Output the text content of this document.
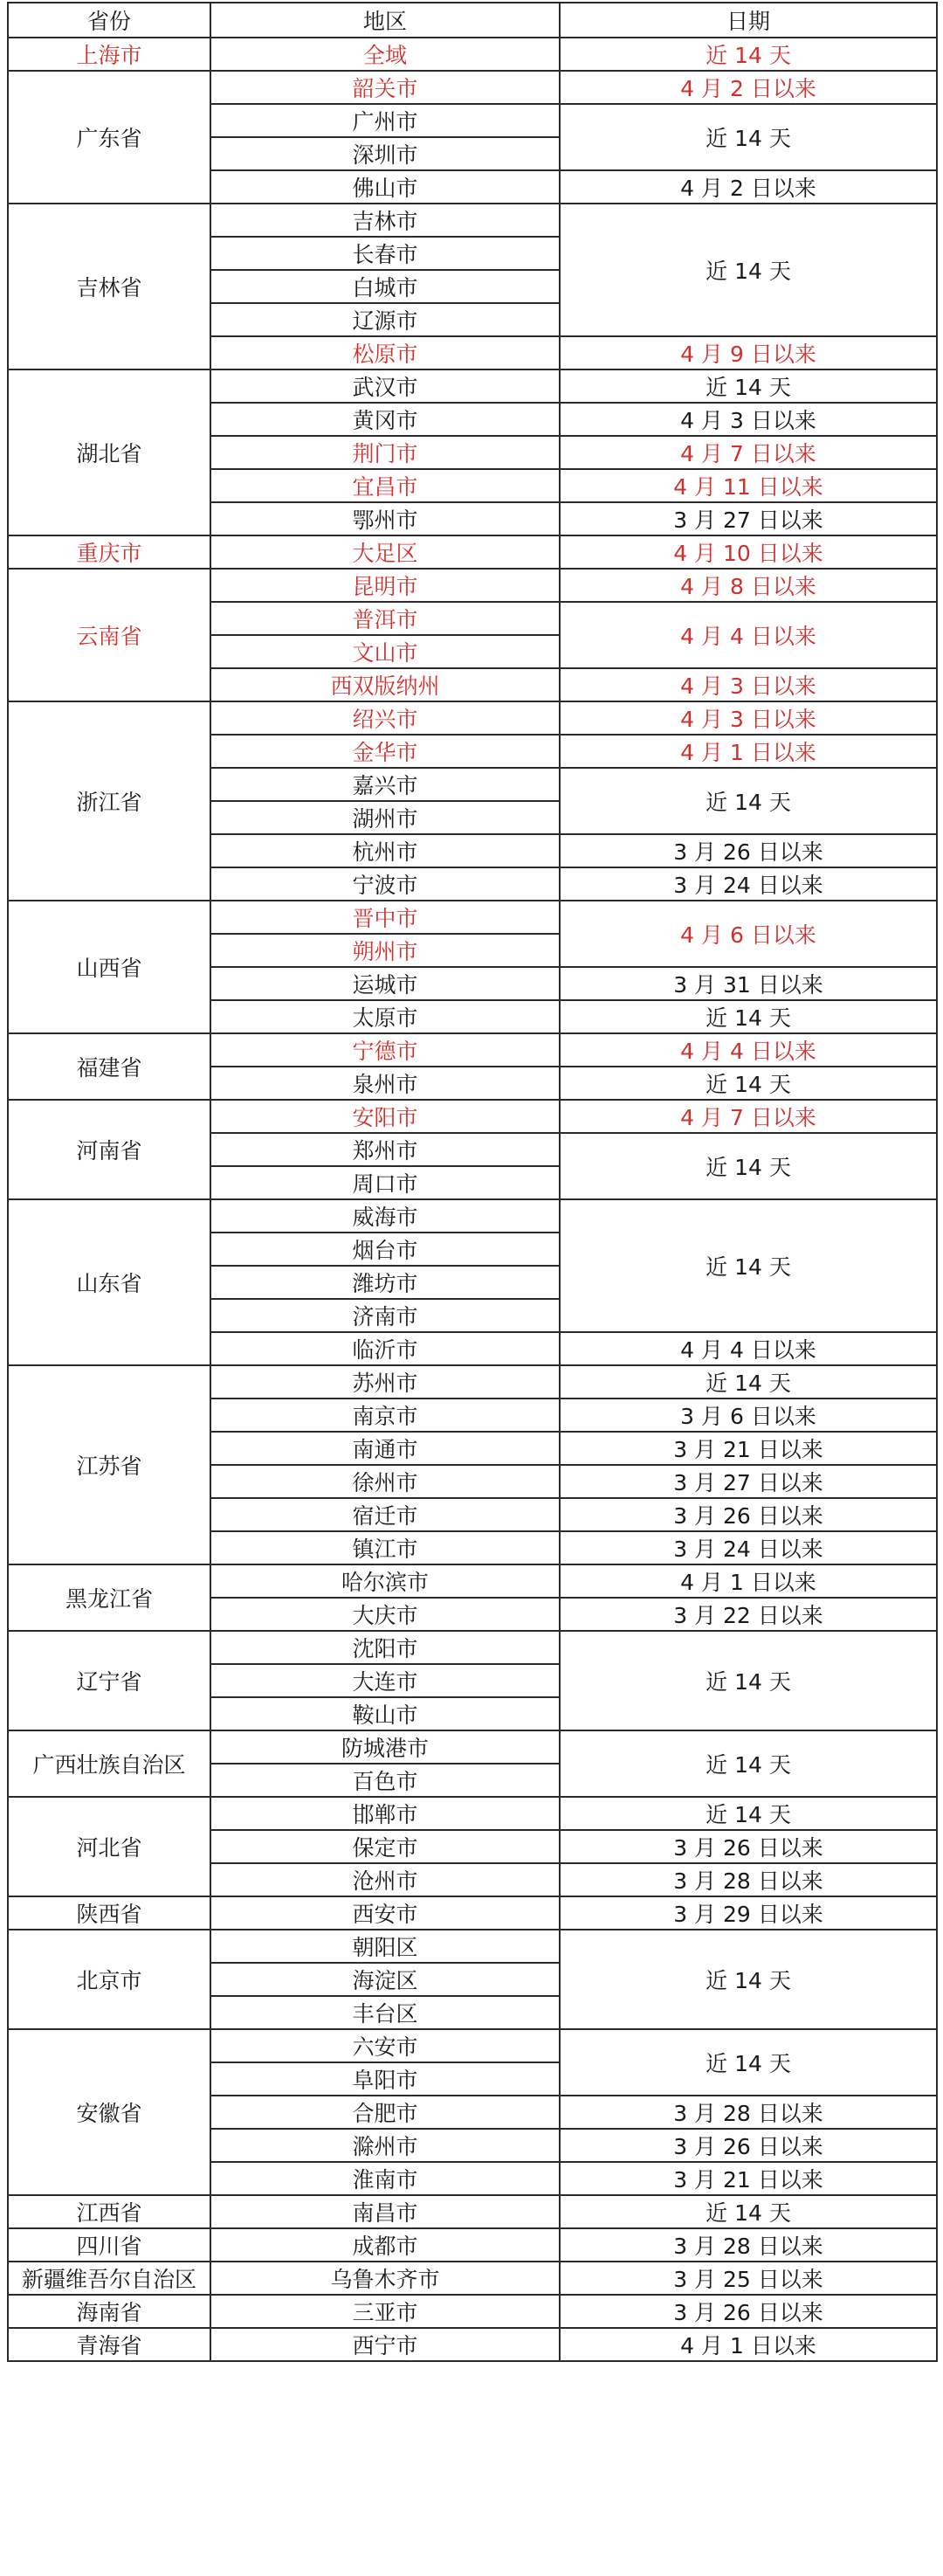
省份	地区	日期
上海市	全域	近 14 天
广东省	韶关市	4 月 2 日以来
	广州市	近 14 天
	深圳市	
	佛山市	4 月 2 日以来
吉林省	吉林市	近 14 天
	长春市	
	白城市	
	辽源市	
	松原市	4 月 9 日以来
湖北省	武汉市	近 14 天
	黄冈市	4 月 3 日以来
	荆门市	4 月 7 日以来
	宜昌市	4 月 11 日以来
	鄂州市	3 月 27 日以来
重庆市	大足区	4 月 10 日以来
云南省	昆明市	4 月 8 日以来
	普洱市	4 月 4 日以来
	文山市	
	西双版纳州	4 月 3 日以来
浙江省	绍兴市	4 月 3 日以来
	金华市	4 月 1 日以来
	嘉兴市	近 14 天
	湖州市	
	杭州市	3 月 26 日以来
	宁波市	3 月 24 日以来
山西省	晋中市	4 月 6 日以来
	朔州市	
	运城市	3 月 31 日以来
	太原市	近 14 天
福建省	宁德市	4 月 4 日以来
	泉州市	近 14 天
河南省	安阳市	4 月 7 日以来
	郑州市	近 14 天
	周口市	
山东省	威海市	近 14 天
	烟台市	
	潍坊市	
	济南市	
	临沂市	4 月 4 日以来
江苏省	苏州市	近 14 天
	南京市	3 月 6 日以来
	南通市	3 月 21 日以来
	徐州市	3 月 27 日以来
	宿迁市	3 月 26 日以来
	镇江市	3 月 24 日以来
黑龙江省	哈尔滨市	4 月 1 日以来
	大庆市	3 月 22 日以来
辽宁省	沈阳市	近 14 天
	大连市	
	鞍山市	
广西壮族自治区	防城港市	近 14 天
	百色市	
河北省	邯郸市	近 14 天
	保定市	3 月 26 日以来
	沧州市	3 月 28 日以来
陕西省	西安市	3 月 29 日以来
北京市	朝阳区	近 14 天
	海淀区	
	丰台区	
安徽省	六安市	近 14 天
	阜阳市	
	合肥市	3 月 28 日以来
	滁州市	3 月 26 日以来
	淮南市	3 月 21 日以来
江西省	南昌市	近 14 天
四川省	成都市	3 月 28 日以来
新疆维吾尔自治区	乌鲁木齐市	3 月 25 日以来
海南省	三亚市	3 月 26 日以来
青海省	西宁市	4 月 1 日以来
